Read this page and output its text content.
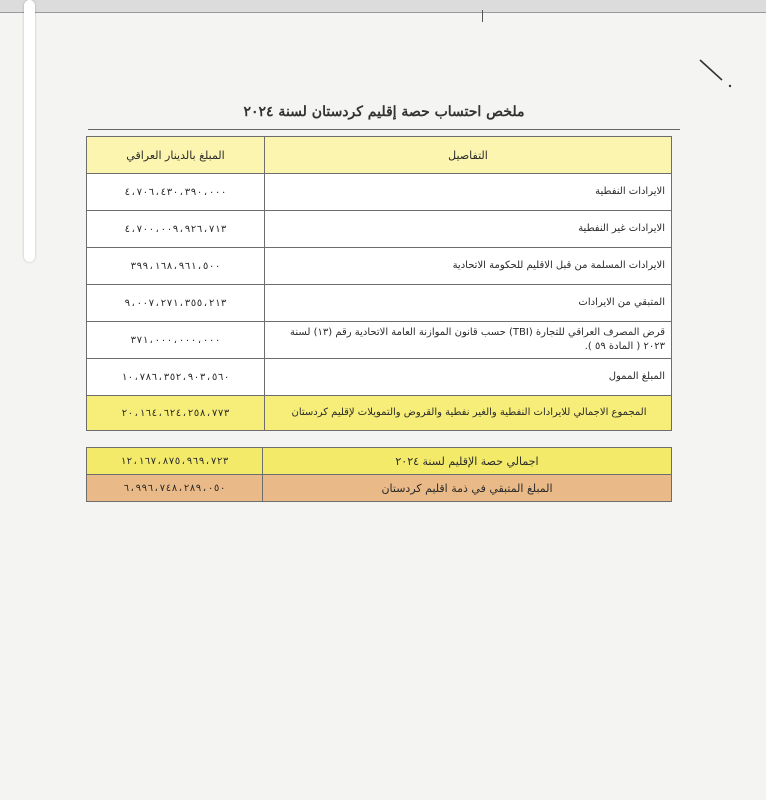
ملخص احتساب حصة إقليم كردستان لسنة ٢٠٢٤
التفاصيل	المبلغ بالدينار العراقي
الايرادات النفطية	٤،٧٠٦،٤٣٠،٣٩٠،٠٠٠
الايرادات غير النفطية	٤،٧٠٠،٠٠٩،٩٢٦،٧١٣
الايرادات المسلمة من قبل الاقليم للحكومة الاتحادية	٣٩٩،١٦٨،٩٦١،٥٠٠
المتبقي من الايرادات	٩،٠٠٧،٢٧١،٣٥٥،٢١٣
قرض المصرف العراقي للتجارة (TBI) حسب قانون الموازنة العامة الاتحادية رقم (١٣) لسنة ٢٠٢٣ ( المادة ٥٩ ).	٣٧١،٠٠٠،٠٠٠،٠٠٠
المبلغ الممول	١٠،٧٨٦،٣٥٢،٩٠٣،٥٦٠
المجموع الاجمالي للايرادات النفطية والغير نفطية والقروض والتمويلات لإقليم كردستان	٢٠،١٦٤،٦٢٤،٢٥٨،٧٧٣
اجمالي حصة الإقليم لسنة ٢٠٢٤	١٢،١٦٧،٨٧٥،٩٦٩،٧٢٣
المبلغ المتبقي في ذمة اقليم كردستان	٦،٩٩٦،٧٤٨،٢٨٩،٠٥٠
